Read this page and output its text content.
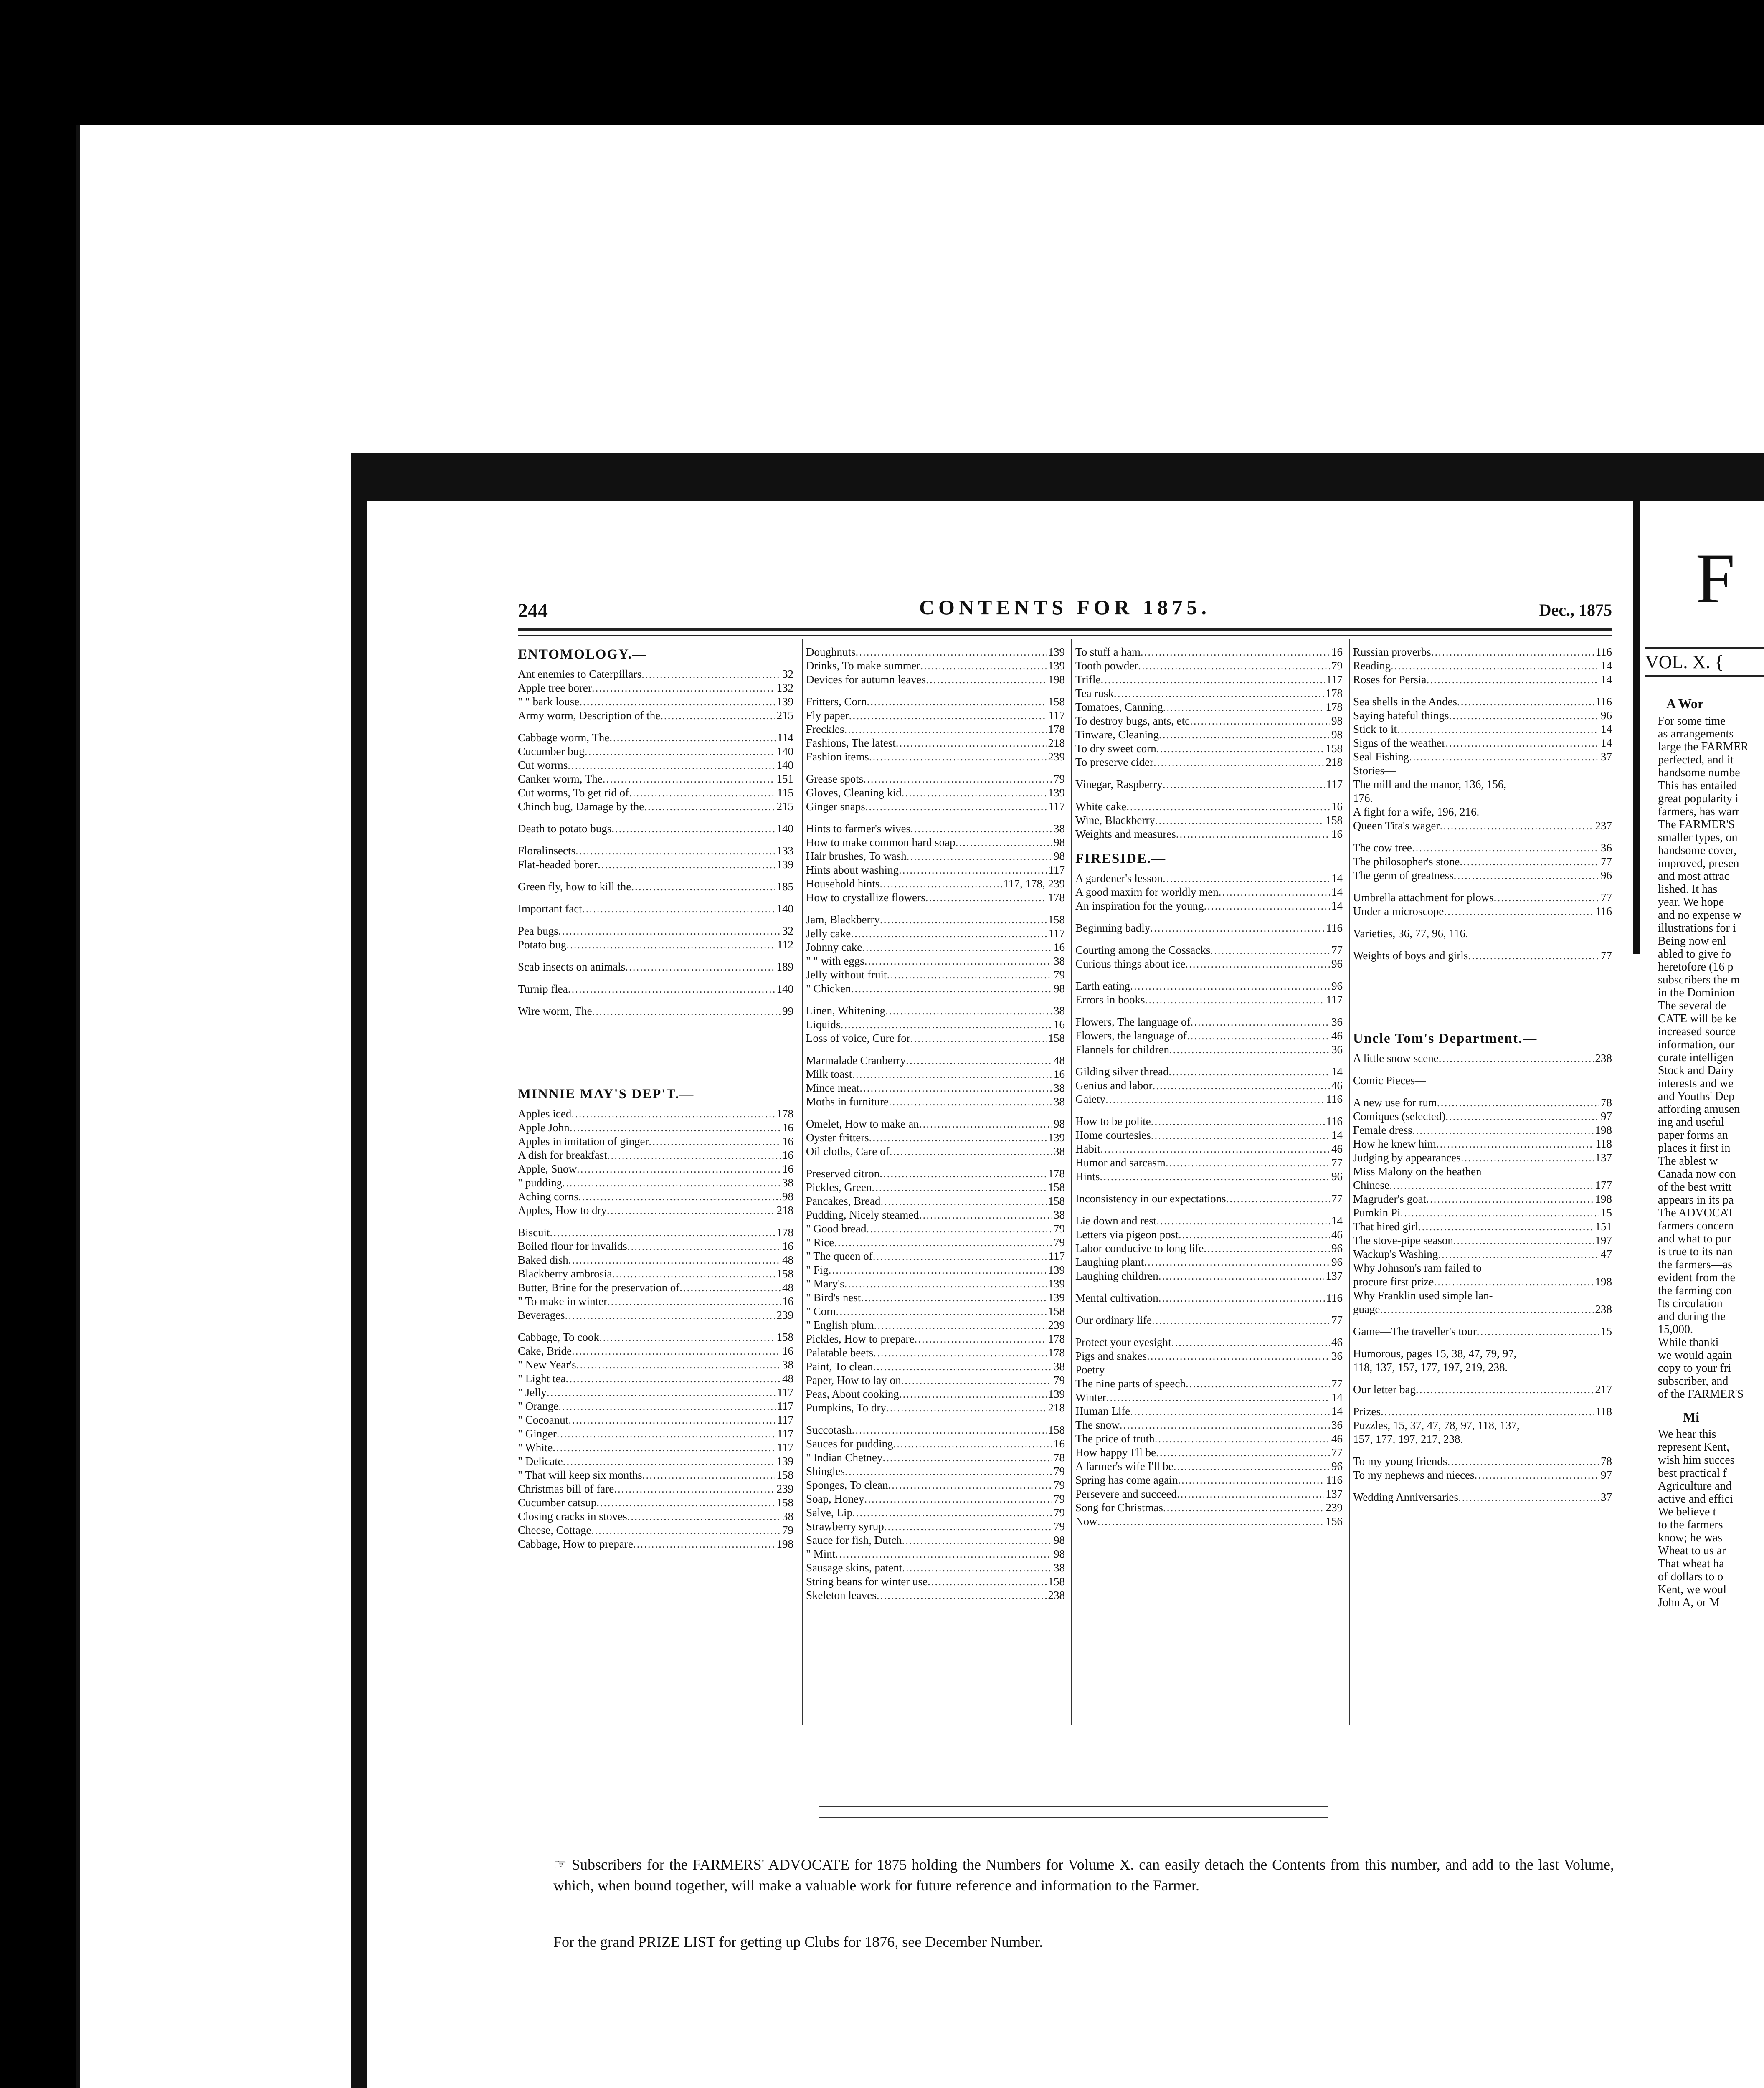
244	CONTENTS FOR 1875.	Dec., 1875
ENTOMOLOGY.—
Ant enemies to Caterpillars .....	32
Apple tree borer .....	132
" " bark louse .....	139
Army worm, Description of the .....	215
Cabbage worm, The .....	114
Cucumber bug .....	140
Cut worms .....	140
Canker worm, The .....	151
Cut worms, To get rid of .....	115
Chinch bug, Damage by the .....	215
Death to potato bugs .....	140
Floralinsects .....	133
Flat-headed borer .....	139
Green fly, how to kill the .....	185
Important fact .....	140
Pea bugs .....	32
Potato bug .....	112
Scab insects on animals .....	189
Turnip flea .....	140
Wire worm, The .....	99
MINNIE MAY'S DEP'T.—
Apples iced .....	178
Apple John .....	16
Apples in imitation of ginger .....	16
A dish for breakfast .....	16
Apple, Snow .....	16
" pudding .....	38
Aching corns .....	98
Apples, How to dry .....	218
Biscuit .....	178
Boiled flour for invalids .....	16
Baked dish .....	48
Blackberry ambrosia .....	158
Butter, Brine for the preservation of .....	48
" To make in winter .....	16
Beverages .....	239
Cabbage, To cook .....	158
Cake, Bride .....	16
" New Year's .....	38
" Light tea .....	48
" Jelly .....	117
" Orange .....	117
" Cocoanut .....	117
" Ginger .....	117
" White .....	117
" Delicate .....	139
" That will keep six months .....	158
Christmas bill of fare .....	239
Cucumber catsup .....	158
Closing cracks in stoves .....	38
Cheese, Cottage .....	79
Cabbage, How to prepare .....	198
Doughnuts .....	139
Drinks, To make summer .....	139
Devices for autumn leaves .....	198
Fritters, Corn .....	158
Fly paper .....	117
Freckles .....	178
Fashions, The latest .....	218
Fashion items .....	239
Grease spots .....	79
Gloves, Cleaning kid .....	139
Ginger snaps .....	117
Hints to farmer's wives .....	38
How to make common hard soap .....	98
Hair brushes, To wash .....	98
Hints about washing .....	117
Household hints .....	117, 178, 239
How to crystallize flowers .....	178
Jam, Blackberry .....	158
Jelly cake .....	117
Johnny cake .....	16
" " with eggs .....	38
Jelly without fruit .....	79
" Chicken .....	98
Linen, Whitening .....	38
Liquids .....	16
Loss of voice, Cure for .....	158
Marmalade Cranberry .....	48
Milk toast .....	16
Mince meat .....	38
Moths in furniture .....	38
Omelet, How to make an .....	98
Oyster fritters .....	139
Oil cloths, Care of .....	38
Preserved citron .....	178
Pickles, Green .....	158
Pancakes, Bread .....	158
Pudding, Nicely steamed .....	38
" Good bread .....	79
" Rice .....	79
" The queen of .....	117
" Fig .....	139
" Mary's .....	139
" Bird's nest .....	139
" Corn .....	158
" English plum .....	239
Pickles, How to prepare .....	178
Palatable beets .....	178
Paint, To clean .....	38
Paper, How to lay on .....	79
Peas, About cooking .....	139
Pumpkins, To dry .....	218
Succotash .....	158
Sauces for pudding .....	16
" Indian Chetney .....	78
Shingles .....	79
Sponges, To clean .....	79
Soap, Honey .....	79
Salve, Lip .....	79
Strawberry syrup .....	79
Sauce for fish, Dutch .....	98
" Mint .....	98
Sausage skins, patent .....	38
String beans for winter use .....	158
Skeleton leaves .....	238
To stuff a ham .....	16
Tooth powder .....	79
Trifle .....	117
Tea rusk .....	178
Tomatoes, Canning .....	178
To destroy bugs, ants, etc .....	98
Tinware, Cleaning .....	98
To dry sweet corn .....	158
To preserve cider .....	218
Vinegar, Raspberry .....	117
White cake .....	16
Wine, Blackberry .....	158
Weights and measures .....	16
FIRESIDE.—
A gardener's lesson .....	14
A good maxim for worldly men .....	14
An inspiration for the young .....	14
Beginning badly .....	116
Courting among the Cossacks .....	77
Curious things about ice .....	96
Earth eating .....	96
Errors in books .....	117
Flowers, The language of .....	36
Flowers, the language of .....	46
Flannels for children .....	36
Gilding silver thread .....	14
Genius and labor .....	46
Gaiety .....	116
How to be polite .....	116
Home courtesies .....	14
Habit .....	46
Humor and sarcasm .....	77
Hints .....	96
Inconsistency in our expectations .....	77
Lie down and rest .....	14
Letters via pigeon post .....	46
Labor conducive to long life .....	96
Laughing plant .....	96
Laughing children .....	137
Mental cultivation .....	116
Our ordinary life .....	77
Protect your eyesight .....	46
Pigs and snakes .....	36
Poetry—
The nine parts of speech .....	77
Winter .....	14
Human Life .....	14
The snow .....	36
The price of truth .....	46
How happy I'll be .....	77
A farmer's wife I'll be .....	96
Spring has come again .....	116
Persevere and succeed .....	137
Song for Christmas .....	239
Now .....	156
Russian proverbs .....	116
Reading .....	14
Roses for Persia .....	14
Sea shells in the Andes .....	116
Saying hateful things .....	96
Stick to it .....	14
Signs of the weather .....	14
Seal Fishing .....	37
Stories—
The mill and the manor, 136, 156,
176.
A fight for a wife, 196, 216.
Queen Tita's wager .....	237
The cow tree .....	36
The philosopher's stone .....	77
The germ of greatness .....	96
Umbrella attachment for plows .....	77
Under a microscope .....	116
Varieties, 36, 77, 96, 116.
Weights of boys and girls .....	77
Uncle Tom's Department.—
A little snow scene .....	238
Comic Pieces—
A new use for rum .....	78
Comiques (selected) .....	97
Female dress .....	198
How he knew him .....	118
Judging by appearances .....	137
Miss Malony on the heathen
Chinese .....	177
Magruder's goat .....	198
Pumkin Pi .....	15
That hired girl .....	151
The stove-pipe season .....	197
Wackup's Washing .....	47
Why Johnson's ram failed to
procure first prize .....	198
Why Franklin used simple lan-
guage .....	238
Game—The traveller's tour .....	15
Humorous, pages 15, 38, 47, 79, 97,
118, 137, 157, 177, 197, 219, 238.
Our letter bag .....	217
Prizes .....	118
Puzzles, 15, 37, 47, 78, 97, 118, 137,
157, 177, 197, 217, 238.
To my young friends .....	78
To my nephews and nieces .....	97
Wedding Anniversaries .....	37
☞ Subscribers for the FARMERS' ADVOCATE for 1875 holding the Numbers for Volume X. can easily detach the Contents from this number, and add to the last Volume, which, when bound together, will make a valuable work for future reference and information to the Farmer.
For the grand PRIZE LIST for getting up Clubs for 1876, see December Number.
F
VOL. X. {
A Wor
For some time
as arrangements
large the FARMER
perfected, and it
handsome numbe
This has entailed
great popularity i
farmers, has warr
The FARMER'S
smaller types, on
handsome cover,
improved, presen
and most attrac
lished. It has
year. We hope
and no expense w
illustrations for i
Being now enl
abled to give fo
heretofore (16 p
subscribers the m
in the Dominion
The several de
CATE will be ke
increased source
information, our
curate intelligen
Stock and Dairy
interests and we
and Youths' Dep
affording amusen
ing and useful
paper forms an
places it first in
The ablest w
Canada now con
of the best writt
appears in its pa
The ADVOCAT
farmers concern
and what to pur
is true to its nan
the farmers—as
evident from the
the farming con
Its circulation
and during the
15,000.
While thanki
we would again
copy to your fri
subscriber, and
of the FARMER'S
Mi
We hear this
represent Kent,
wish him succes
best practical f
Agriculture and
active and effici
We believe t
to the farmers
know; he was
Wheat to us ar
That wheat ha
of dollars to o
Kent, we woul
John A, or M
